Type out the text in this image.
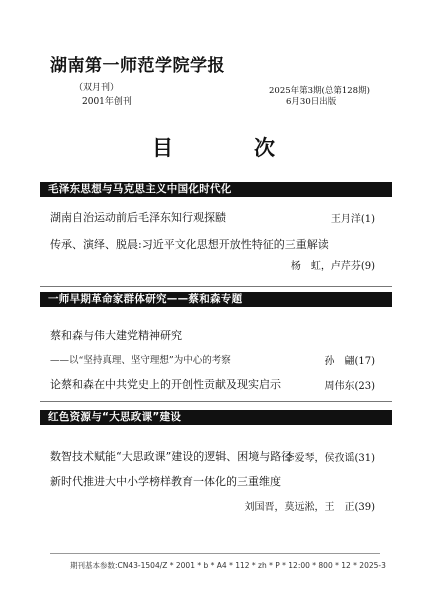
湖南第一师范学院学报
（双月刊）
2001年创刊
2025年第3期(总第128期)
6月30日出版
目　次
毛泽东思想与马克思主义中国化时代化
湖南自治运动前后毛泽东知行观探赜	王月洋(1)
传承、演绎、脱晨:习近平文化思想开放性特征的三重解读
杨　虹，卢芹芬(9)
一师早期革命家群体研究——蔡和森专题
蔡和森与伟大建党精神研究
——以“坚持真理、坚守理想”为中心的考察	孙　翩(17)
论蔡和森在中共党史上的开创性贡献及现实启示	周伟东(23)
红色资源与“大思政课”建设
数智技术赋能“大思政课”建设的逻辑、困境与路径
李爱琴，侯孜谣(31)
新时代推进大中小学榜样教育一体化的三重维度
刘国晋，莫远淞，王　正(39)
期刊基本参数:CN43-1504/Z * 2001 * b * A4 * 112 * zh * P * 12:00 * 800 * 12 * 2025-3
